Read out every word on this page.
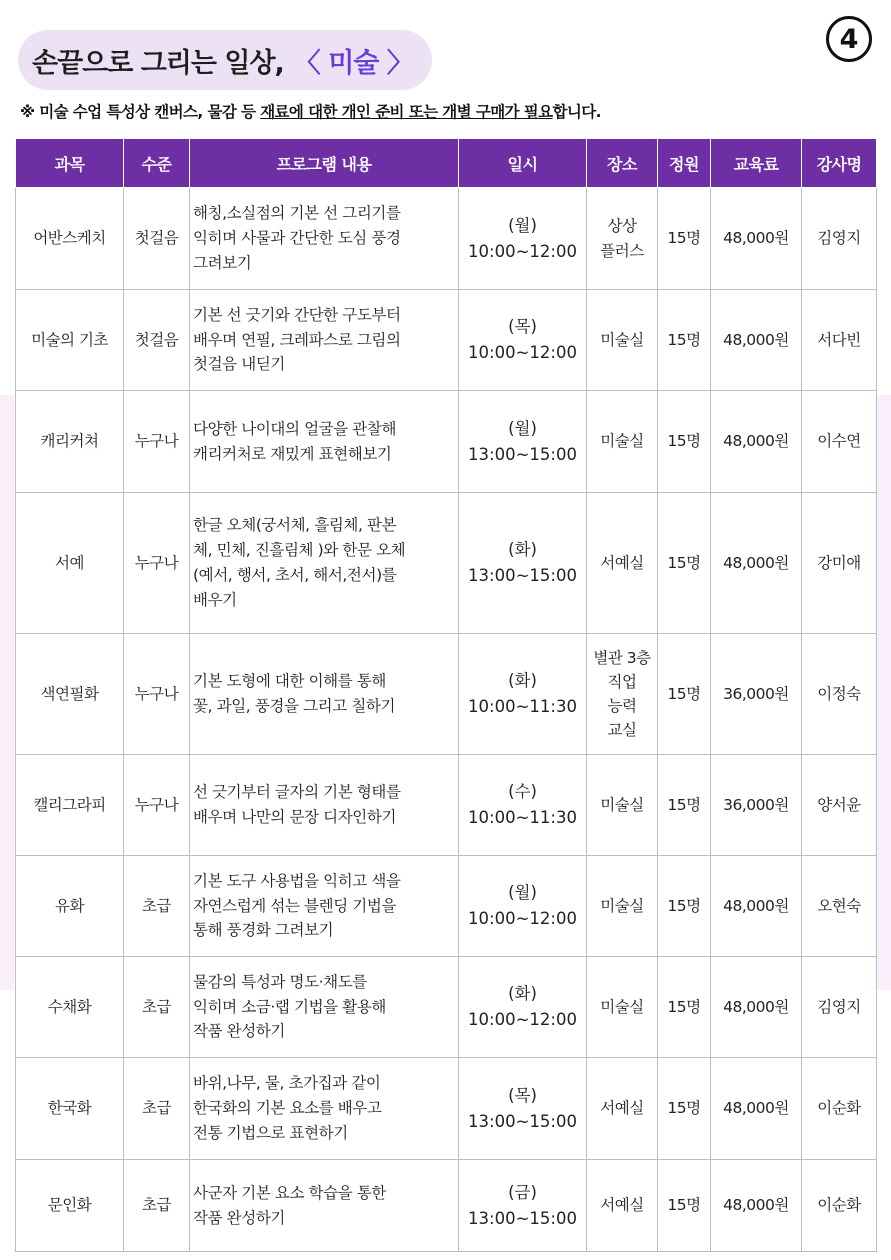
손끝으로 그리는 일상, 〈 미술 〉
4
※ 미술 수업 특성상 캔버스, 물감 등 재료에 대한 개인 준비 또는 개별 구매가 필요합니다.
과목	수준	프로그램 내용	일시	장소	정원	교육료	강사명
어반스케치	첫걸음	해칭,소실점의 기본 선 그리기를
익히며 사물과 간단한 도심 풍경
그려보기	(월)
10:00~12:00	상상
플러스	15명	48,000원	김영지
미술의 기초	첫걸음	기본 선 긋기와 간단한 구도부터
배우며 연필, 크레파스로 그림의
첫걸음 내딛기	(목)
10:00~12:00	미술실	15명	48,000원	서다빈
캐리커쳐	누구나	다양한 나이대의 얼굴을 관찰해
캐리커처로 재밌게 표현해보기	(월)
13:00~15:00	미술실	15명	48,000원	이수연
서예	누구나	한글 오체(궁서체, 흘림체, 판본
체, 민체, 진흘림체 )와 한문 오체
(예서, 행서, 초서, 해서,전서)를
배우기	(화)
13:00~15:00	서예실	15명	48,000원	강미애
색연필화	누구나	기본 도형에 대한 이해를 통해
꽃, 과일, 풍경을 그리고 칠하기	(화)
10:00~11:30	별관 3층
직업
능력
교실	15명	36,000원	이정숙
캘리그라피	누구나	선 긋기부터 글자의 기본 형태를
배우며 나만의 문장 디자인하기	(수)
10:00~11:30	미술실	15명	36,000원	양서윤
유화	초급	기본 도구 사용법을 익히고 색을
자연스럽게 섞는 블렌딩 기법을
통해 풍경화 그려보기	(월)
10:00~12:00	미술실	15명	48,000원	오현숙
수채화	초급	물감의 특성과 명도·채도를
익히며 소금·랩 기법을 활용해
작품 완성하기	(화)
10:00~12:00	미술실	15명	48,000원	김영지
한국화	초급	바위,나무, 물, 초가집과 같이
한국화의 기본 요소를 배우고
전통 기법으로 표현하기	(목)
13:00~15:00	서예실	15명	48,000원	이순화
문인화	초급	사군자 기본 요소 학습을 통한
작품 완성하기	(금)
13:00~15:00	서예실	15명	48,000원	이순화
